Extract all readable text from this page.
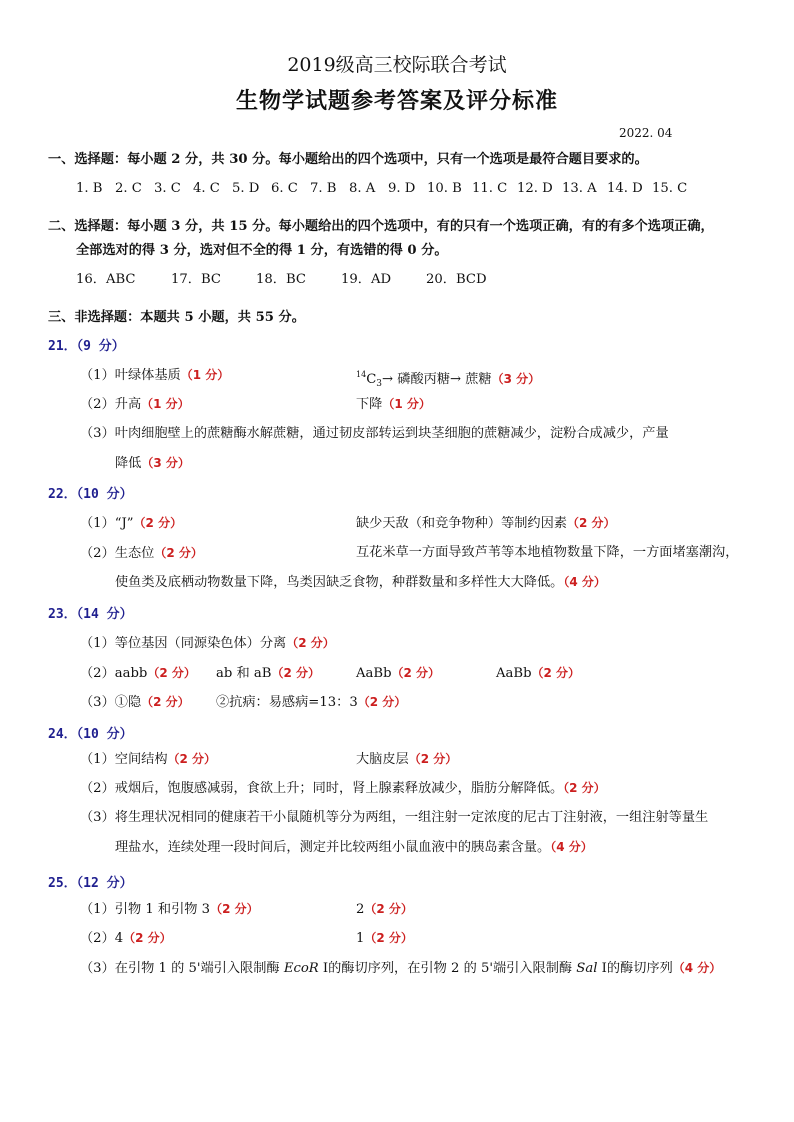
2019级高三校际联合考试
生物学试题参考答案及评分标准
2022. 04
一、选择题：每小题 2 分，共 30 分。每小题给出的四个选项中，只有一个选项是最符合题目要求的。
1. B 2. C 3. C 4. C 5. D 6. C 7. B 8. A 9. D 10. B 11. C 12. D 13. A 14. D 15. C
二、选择题：每小题 3 分，共 15 分。每小题给出的四个选项中，有的只有一个选项正确，有的有多个选项正确，
全部选对的得 3 分，选对但不全的得 1 分，有选错的得 0 分。
16．ABC	17．BC	18．BC	19．AD	20．BCD
三、非选择题：本题共 5 小题，共 55 分。
21．（9 分）
（1）叶绿体基质（1 分）	$^{14}C_3\to$ 磷酸丙糖→ 蔗糖（3 分）
（2）升高（1 分）	下降（1 分）
（3）叶肉细胞壁上的蔗糖酶水解蔗糖，通过韧皮部转运到块茎细胞的蔗糖减少，淀粉合成减少，产量
降低（3 分）
22．（10 分）
（1）“J”（2 分）	缺少天敌（和竞争物种）等制约因素（2 分）
（2）生态位（2 分）	互花米草一方面导致芦苇等本地植物数量下降，一方面堵塞潮沟，
使鱼类及底栖动物数量下降，鸟类因缺乏食物，种群数量和多样性大大降低。（4 分）
23．（14 分）
（1）等位基因（同源染色体）分离（2 分）
（2）aabb（2 分） ab 和 aB（2 分）	AaBb（2 分）	AaBb（2 分）
（3）①隐（2 分） ②抗病：易感病=13：3（2 分）
24．（10 分）
（1）空间结构（2 分）	大脑皮层（2 分）
（2）戒烟后，饱腹感减弱，食欲上升；同时，肾上腺素释放减少，脂肪分解降低。（2 分）
（3）将生理状况相同的健康若干小鼠随机等分为两组，一组注射一定浓度的尼古丁注射液，一组注射等量生
理盐水，连续处理一段时间后，测定并比较两组小鼠血液中的胰岛素含量。（4 分）
25．（12 分）
（1）引物 1 和引物 3（2 分）	2（2 分）
（2）4（2 分）	1（2 分）
（3）在引物 1 的 5'端引入限制酶 EcoR Ⅰ的酶切序列，在引物 2 的 5'端引入限制酶 Sal Ⅰ的酶切序列（4 分）
